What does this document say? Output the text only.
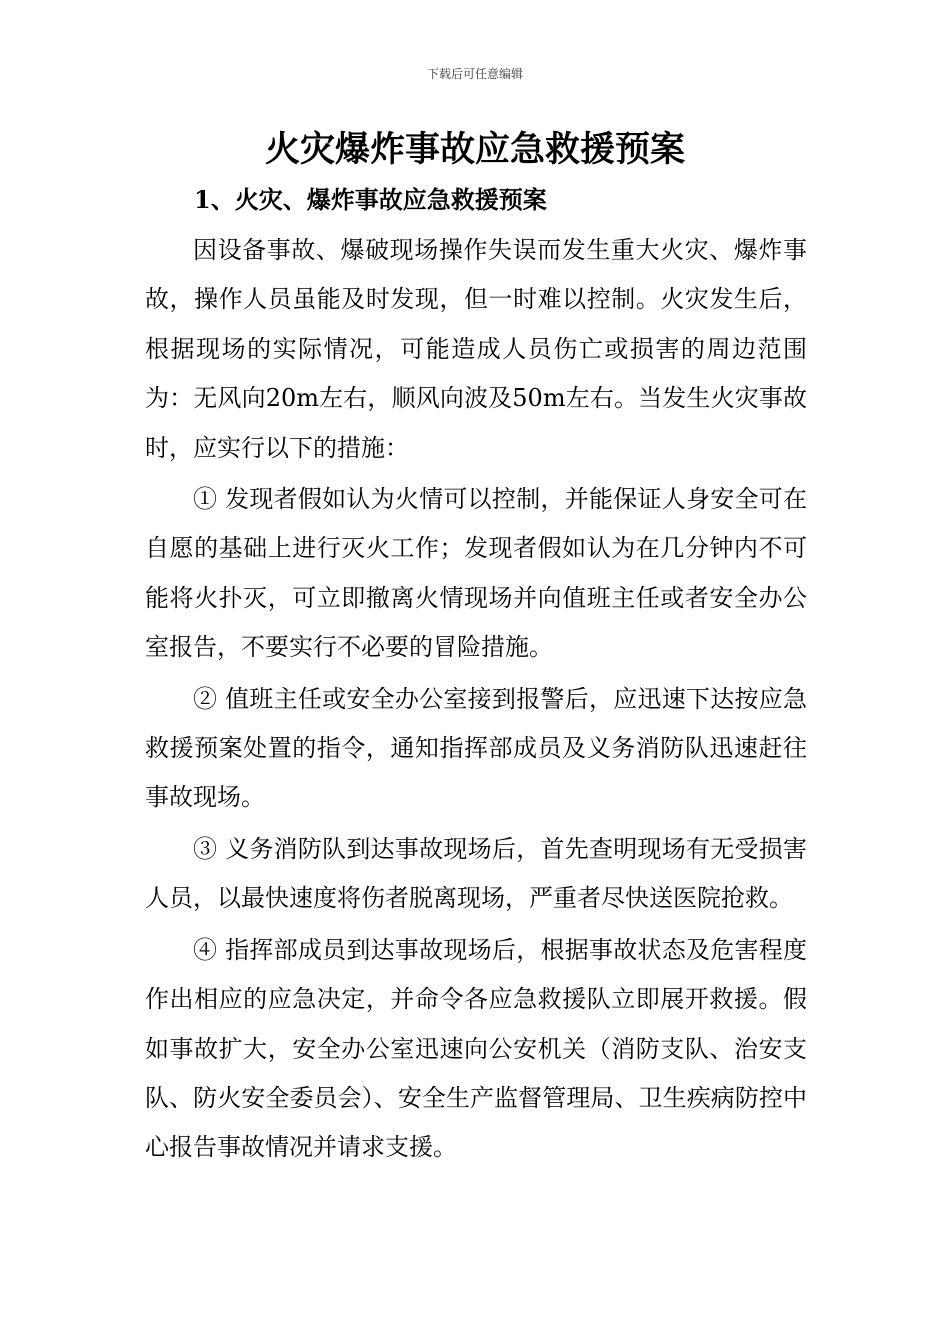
下载后可任意编辑
火灾爆炸事故应急救援预案
1、火灾、爆炸事故应急救援预案

因设备事故、爆破现场操作失误而发生重大火灾、爆炸事故，操作人员虽能及时发现，但一时难以控制。火灾发生后，根据现场的实际情况，可能造成人员伤亡或损害的周边范围为：无风向20m左右，顺风向波及50m左右。当发生火灾事故时，应实行以下的措施：

① 发现者假如认为火情可以控制，并能保证人身安全可在自愿的基础上进行灭火工作；发现者假如认为在几分钟内不可能将火扑灭，可立即撤离火情现场并向值班主任或者安全办公室报告，不要实行不必要的冒险措施。

② 值班主任或安全办公室接到报警后，应迅速下达按应急救援预案处置的指令，通知指挥部成员及义务消防队迅速赶往事故现场。

③ 义务消防队到达事故现场后，首先查明现场有无受损害人员，以最快速度将伤者脱离现场，严重者尽快送医院抢救。

④ 指挥部成员到达事故现场后，根据事故状态及危害程度作出相应的应急决定，并命令各应急救援队立即展开救援。假如事故扩大，安全办公室迅速向公安机关（消防支队、治安支队、防火安全委员会）、安全生产监督管理局、卫生疾病防控中心报告事故情况并请求支援。
